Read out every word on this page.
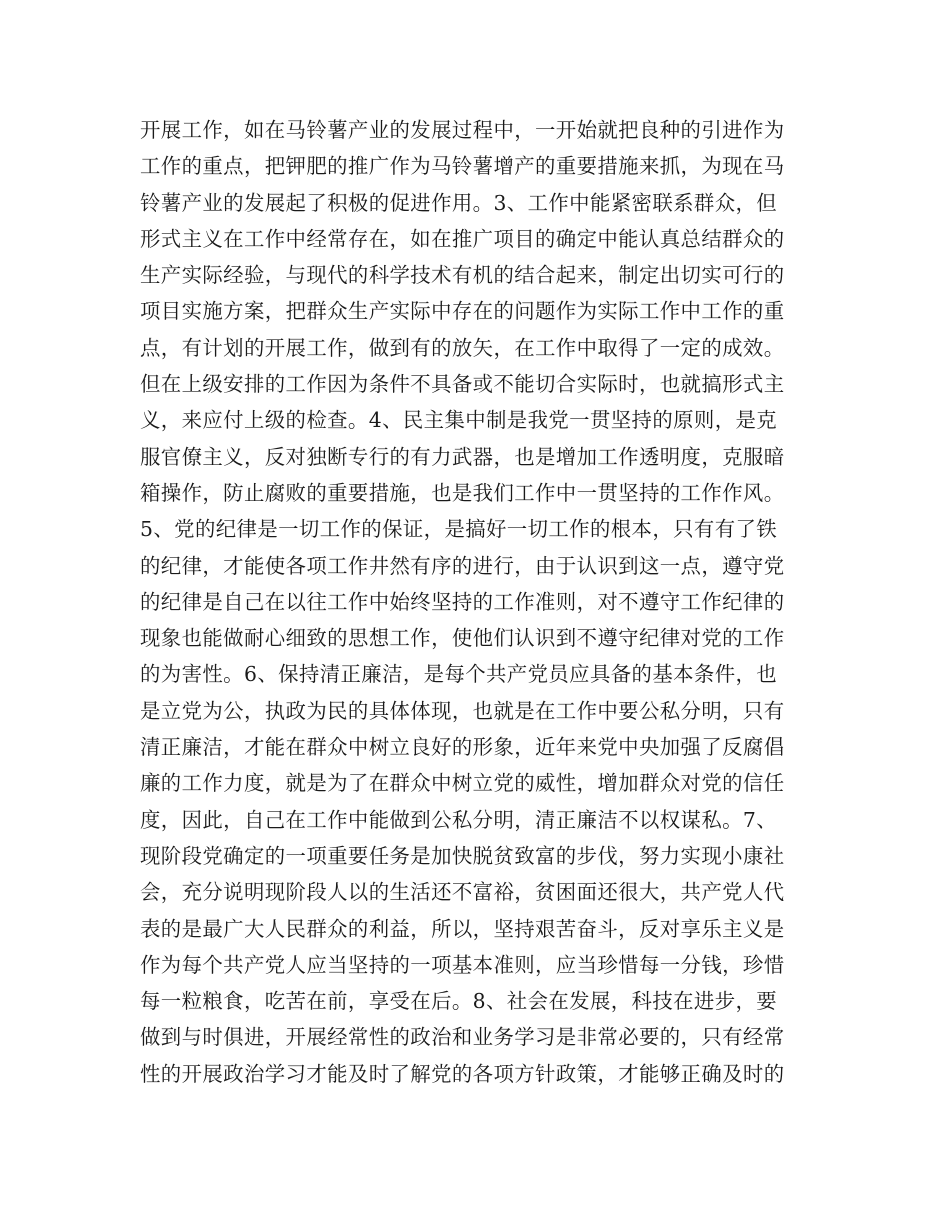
开展工作，如在马铃薯产业的发展过程中，一开始就把良种的引进作为
工作的重点，把钾肥的推广作为马铃薯增产的重要措施来抓，为现在马
铃薯产业的发展起了积极的促进作用。3、工作中能紧密联系群众，但
形式主义在工作中经常存在，如在推广项目的确定中能认真总结群众的
生产实际经验，与现代的科学技术有机的结合起来，制定出切实可行的
项目实施方案，把群众生产实际中存在的问题作为实际工作中工作的重
点，有计划的开展工作，做到有的放矢，在工作中取得了一定的成效。
但在上级安排的工作因为条件不具备或不能切合实际时，也就搞形式主
义，来应付上级的检查。4、民主集中制是我党一贯坚持的原则，是克
服官僚主义，反对独断专行的有力武器，也是增加工作透明度，克服暗
箱操作，防止腐败的重要措施，也是我们工作中一贯坚持的工作作风。
5、党的纪律是一切工作的保证，是搞好一切工作的根本，只有有了铁
的纪律，才能使各项工作井然有序的进行，由于认识到这一点，遵守党
的纪律是自己在以往工作中始终坚持的工作准则，对不遵守工作纪律的
现象也能做耐心细致的思想工作，使他们认识到不遵守纪律对党的工作
的为害性。6、保持清正廉洁，是每个共产党员应具备的基本条件，也
是立党为公，执政为民的具体体现，也就是在工作中要公私分明，只有
清正廉洁，才能在群众中树立良好的形象，近年来党中央加强了反腐倡
廉的工作力度，就是为了在群众中树立党的威性，增加群众对党的信任
度，因此，自己在工作中能做到公私分明，清正廉洁不以权谋私。7、
现阶段党确定的一项重要任务是加快脱贫致富的步伐，努力实现小康社
会，充分说明现阶段人以的生活还不富裕，贫困面还很大，共产党人代
表的是最广大人民群众的利益，所以，坚持艰苦奋斗，反对享乐主义是
作为每个共产党人应当坚持的一项基本准则，应当珍惜每一分钱，珍惜
每一粒粮食，吃苦在前，享受在后。8、社会在发展，科技在进步，要
做到与时俱进，开展经常性的政治和业务学习是非常必要的，只有经常
性的开展政治学习才能及时了解党的各项方针政策，才能够正确及时的
